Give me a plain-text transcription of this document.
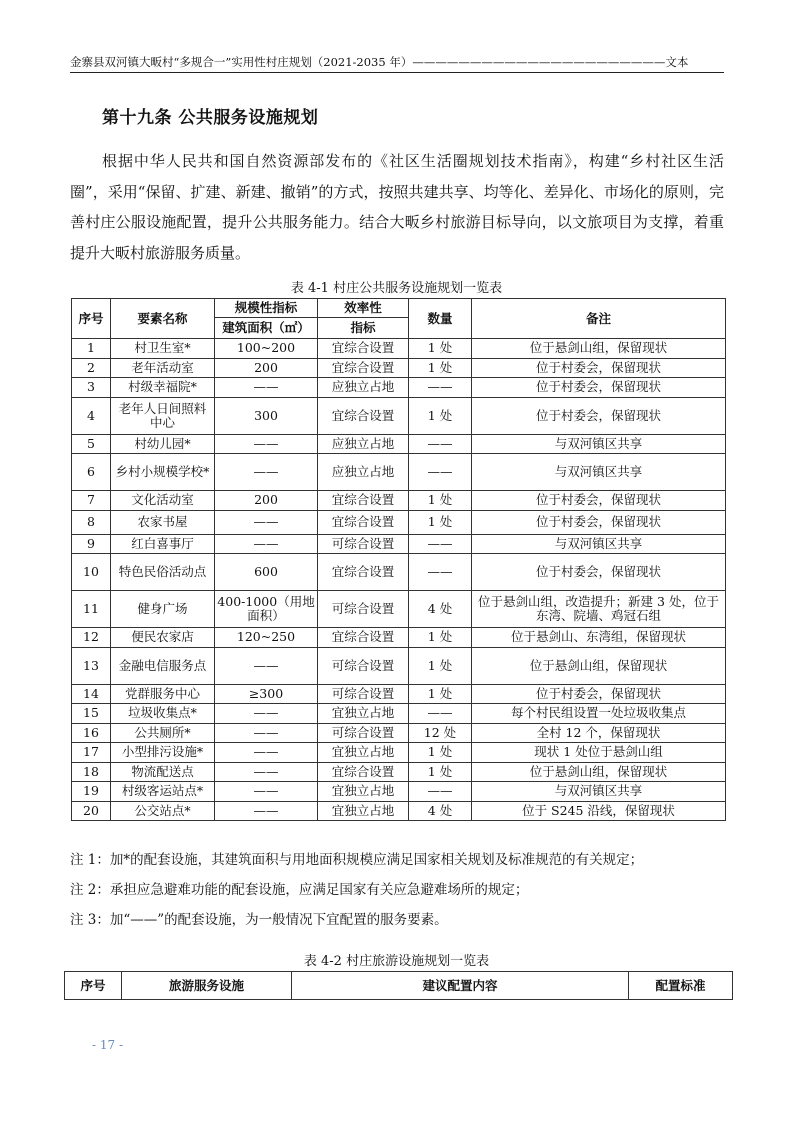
金寨县双河镇大畈村“多规合一”实用性村庄规划（2021-2035 年）——————————————————————文本
第十九条 公共服务设施规划

根据中华人民共和国自然资源部发布的《社区生活圈规划技术指南》，构建“乡村社区生活圈”，采用“保留、扩建、新建、撤销”的方式，按照共建共享、均等化、差异化、市场化的原则，完善村庄公服设施配置，提升公共服务能力。结合大畈乡村旅游目标导向，以文旅项目为支撑，着重提升大畈村旅游服务质量。

表 4-1 村庄公共服务设施规划一览表
序号	要素名称	规模性指标	效率性	数量	备注
		建筑面积（㎡）	指标		
1	村卫生室*	100~200	宜综合设置	1 处	位于悬剑山组，保留现状
2	老年活动室	200	宜综合设置	1 处	位于村委会，保留现状
3	村级幸福院*	——	应独立占地	——	位于村委会，保留现状
4	老年人日间照料中心	300	宜综合设置	1 处	位于村委会，保留现状
5	村幼儿园*	——	应独立占地	——	与双河镇区共享
6	乡村小规模学校*	——	应独立占地	——	与双河镇区共享
7	文化活动室	200	宜综合设置	1 处	位于村委会，保留现状
8	农家书屋	——	宜综合设置	1 处	位于村委会，保留现状
9	红白喜事厅	——	可综合设置	——	与双河镇区共享
10	特色民俗活动点	600	宜综合设置	——	位于村委会，保留现状
11	健身广场	400-1000（用地面积）	可综合设置	4 处	位于悬剑山组，改造提升；新建 3 处，位于东湾、院墙、鸡冠石组
12	便民农家店	120~250	宜综合设置	1 处	位于悬剑山、东湾组，保留现状
13	金融电信服务点	——	可综合设置	1 处	位于悬剑山组，保留现状
14	党群服务中心	≥300	可综合设置	1 处	位于村委会，保留现状
15	垃圾收集点*	——	宜独立占地	——	每个村民组设置一处垃圾收集点
16	公共厕所*	——	可综合设置	12 处	全村 12 个，保留现状
17	小型排污设施*	——	宜独立占地	1 处	现状 1 处位于悬剑山组
18	物流配送点	——	宜综合设置	1 处	位于悬剑山组，保留现状
19	村级客运站点*	——	宜独立占地	——	与双河镇区共享
20	公交站点*	——	宜独立占地	4 处	位于 S245 沿线，保留现状
注 1：加*的配套设施，其建筑面积与用地面积规模应满足国家相关规划及标准规范的有关规定；
注 2：承担应急避难功能的配套设施，应满足国家有关应急避难场所的规定；
注 3：加“——”的配套设施，为一般情况下宜配置的服务要素。
表 4-2 村庄旅游设施规划一览表
序号	旅游服务设施	建议配置内容	配置标准
- 17 -
